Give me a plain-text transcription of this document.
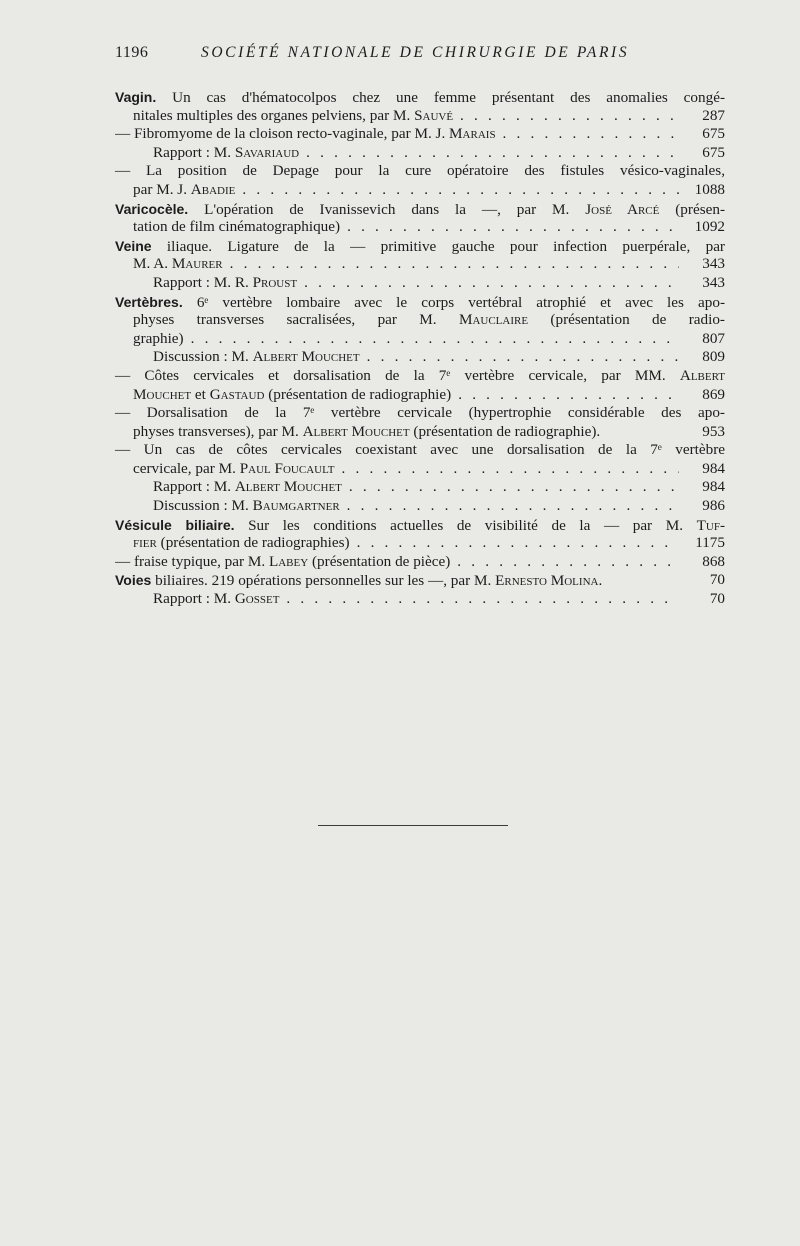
1196	SOCIÉTÉ NATIONALE DE CHIRURGIE DE PARIS
Vagin. Un cas d'hématocolpos chez une femme présentant des anomalies congé-
nitales multiples des organes pelviens, par M. Sauvé . . .	287
— Fibromyome de la cloison recto-vaginale, par M. J. Marais . . .	675
Rapport : M. Savariaud . . .	675
— La position de Depage pour la cure opératoire des fistules vésico-vaginales,
par M. J. Abadie . . .	1088
Varicocèle. L'opération de Ivanissevich dans la —, par M. José Arcé (présen-
tation de film cinématographique) . . .	1092
Veine iliaque. Ligature de la — primitive gauche pour infection puerpérale, par
M. A. Maurer . . .	343
Rapport : M. R. Proust . . .	343
Vertèbres. 6ᵉ vertèbre lombaire avec le corps vertébral atrophié et avec les apo-
physes transverses sacralisées, par M. Mauclaire (présentation de radio-
graphie) . . .	807
Discussion : M. Albert Mouchet . . .	809
— Côtes cervicales et dorsalisation de la 7ᵉ vertèbre cervicale, par MM. Albert
Mouchet et Gastaud (présentation de radiographie) . . .	869
— Dorsalisation de la 7ᵉ vertèbre cervicale (hypertrophie considérable des apo-
physes transverses), par M. Albert Mouchet (présentation de radiographie).	953
— Un cas de côtes cervicales coexistant avec une dorsalisation de la 7ᵉ vertèbre
cervicale, par M. Paul Foucault . . .	984
Rapport : M. Albert Mouchet . . .	984
Discussion : M. Baumgartner . . .	986
Vésicule biliaire. Sur les conditions actuelles de visibilité de la — par M. Tuf-
fier (présentation de radiographies) . . .	1175
— fraise typique, par M. Labey (présentation de pièce) . . .	868
Voies biliaires. 219 opérations personnelles sur les —, par M. Ernesto Molina.	70
Rapport : M. Gosset . . .	70
